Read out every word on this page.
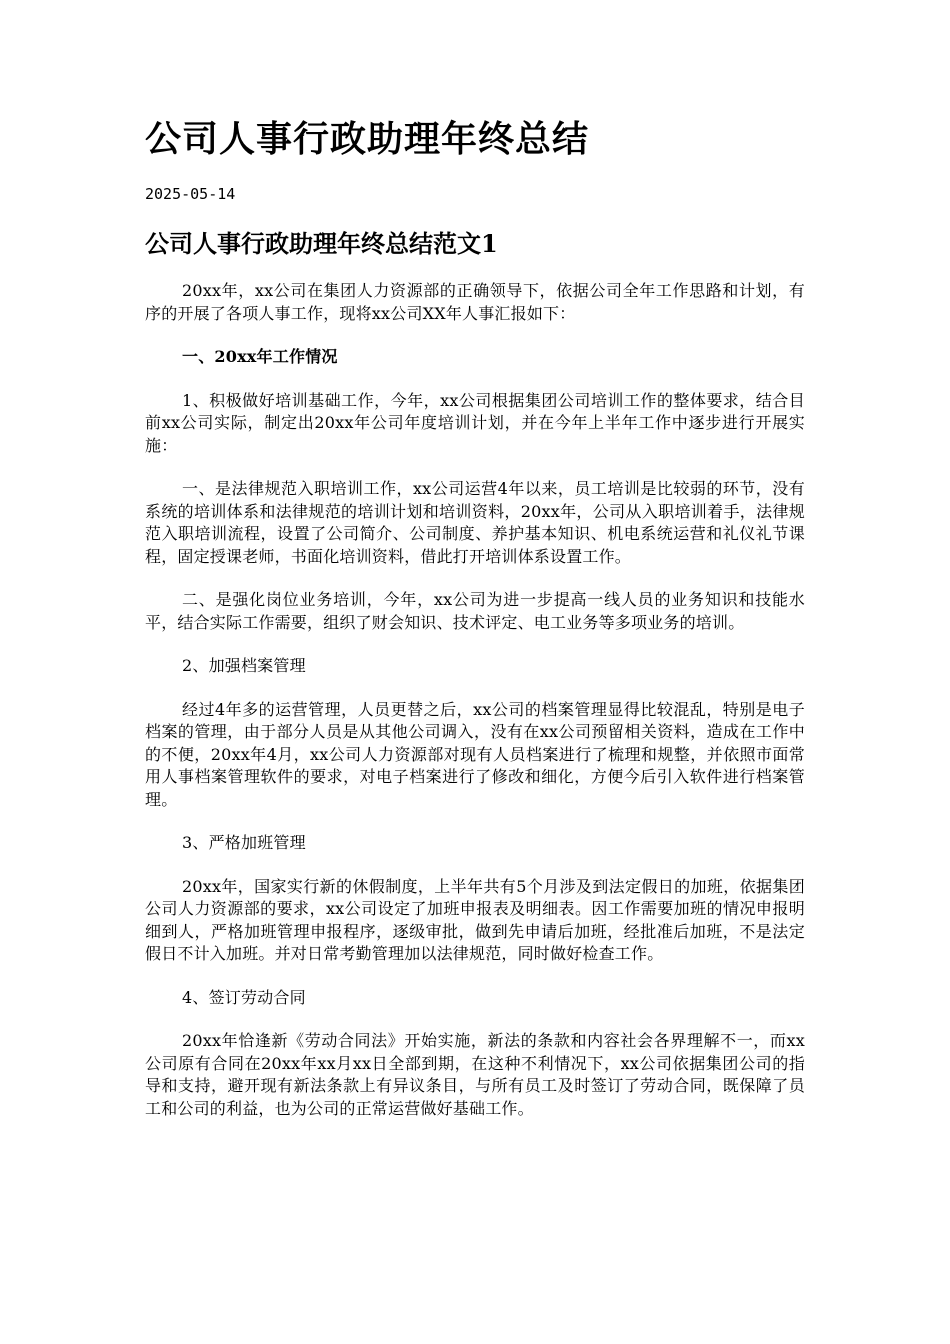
公司人事行政助理年终总结
2025-05-14
公司人事行政助理年终总结范文1

20xx年，xx公司在集团人力资源部的正确领导下，依据公司全年工作思路和计划，有序的开展了各项人事工作，现将xx公司XX年人事汇报如下：

一、20xx年工作情况

1、积极做好培训基础工作，今年，xx公司根据集团公司培训工作的整体要求，结合目前xx公司实际，制定出20xx年公司年度培训计划，并在今年上半年工作中逐步进行开展实施：

一、是法律规范入职培训工作，xx公司运营4年以来，员工培训是比较弱的环节，没有系统的培训体系和法律规范的培训计划和培训资料，20xx年，公司从入职培训着手，法律规范入职培训流程，设置了公司简介、公司制度、养护基本知识、机电系统运营和礼仪礼节课程，固定授课老师，书面化培训资料，借此打开培训体系设置工作。

二、是强化岗位业务培训，今年，xx公司为进一步提高一线人员的业务知识和技能水平，结合实际工作需要，组织了财会知识、技术评定、电工业务等多项业务的培训。

2、加强档案管理

经过4年多的运营管理，人员更替之后，xx公司的档案管理显得比较混乱，特别是电子档案的管理，由于部分人员是从其他公司调入，没有在xx公司预留相关资料，造成在工作中的不便，20xx年4月，xx公司人力资源部对现有人员档案进行了梳理和规整，并依照市面常用人事档案管理软件的要求，对电子档案进行了修改和细化，方便今后引入软件进行档案管理。

3、严格加班管理

20xx年，国家实行新的休假制度，上半年共有5个月涉及到法定假日的加班，依据集团公司人力资源部的要求，xx公司设定了加班申报表及明细表。因工作需要加班的情况申报明细到人，严格加班管理申报程序，逐级审批，做到先申请后加班，经批准后加班，不是法定假日不计入加班。并对日常考勤管理加以法律规范，同时做好检查工作。

4、签订劳动合同

20xx年恰逢新《劳动合同法》开始实施，新法的条款和内容社会各界理解不一，而xx公司原有合同在20xx年xx月xx日全部到期，在这种不利情况下，xx公司依据集团公司的指导和支持，避开现有新法条款上有异议条目，与所有员工及时签订了劳动合同，既保障了员工和公司的利益，也为公司的正常运营做好基础工作。
